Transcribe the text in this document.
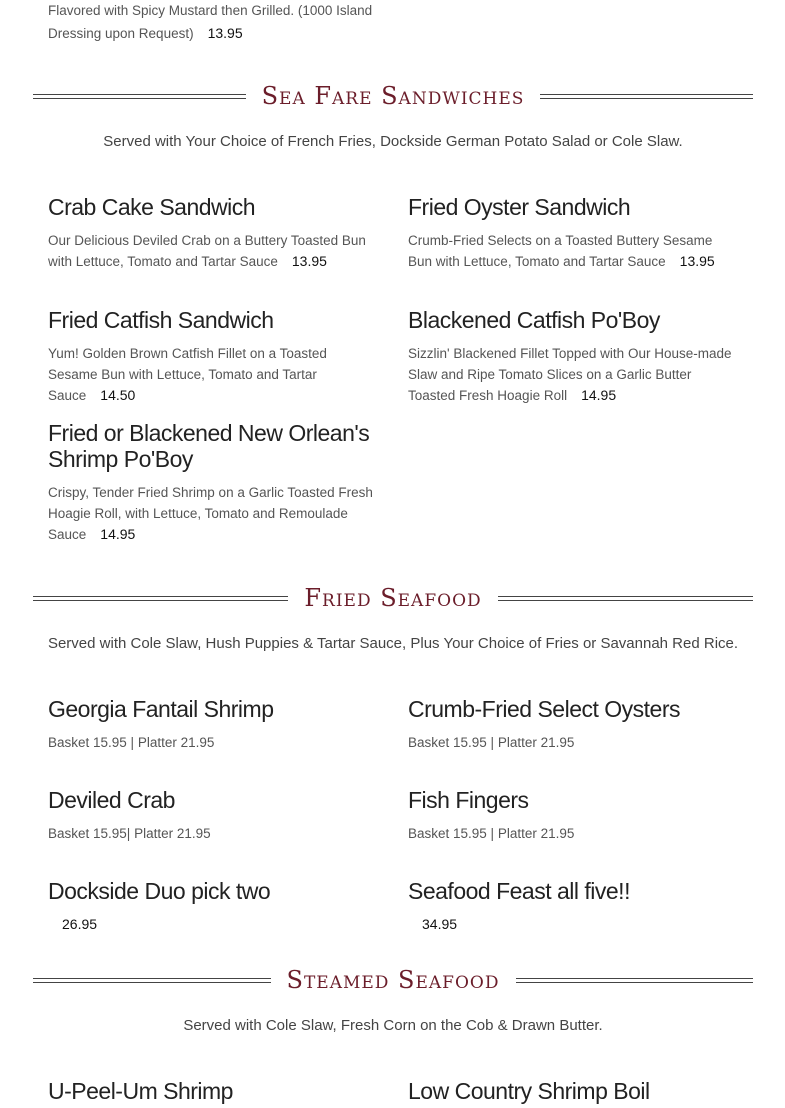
Flavored with Spicy Mustard then Grilled. (1000 Island Dressing upon Request) 13.95
Sea Fare Sandwiches
Served with Your Choice of French Fries, Dockside German Potato Salad or Cole Slaw.
Crab Cake Sandwich
Our Delicious Deviled Crab on a Buttery Toasted Bun with Lettuce, Tomato and Tartar Sauce 13.95
Fried Oyster Sandwich
Crumb-Fried Selects on a Toasted Buttery Sesame Bun with Lettuce, Tomato and Tartar Sauce 13.95
Fried Catfish Sandwich
Yum! Golden Brown Catfish Fillet on a Toasted Sesame Bun with Lettuce, Tomato and Tartar Sauce 14.50
Blackened Catfish Po'Boy
Sizzlin' Blackened Fillet Topped with Our House-made Slaw and Ripe Tomato Slices on a Garlic Butter Toasted Fresh Hoagie Roll 14.95
Fried or Blackened New Orlean's Shrimp Po'Boy
Crispy, Tender Fried Shrimp on a Garlic Toasted Fresh Hoagie Roll, with Lettuce, Tomato and Remoulade Sauce 14.95
Fried Seafood
Served with Cole Slaw, Hush Puppies & Tartar Sauce, Plus Your Choice of Fries or Savannah Red Rice.
Georgia Fantail Shrimp
Basket 15.95 | Platter 21.95
Crumb-Fried Select Oysters
Basket 15.95 | Platter 21.95
Deviled Crab
Basket 15.95| Platter 21.95
Fish Fingers
Basket 15.95 | Platter 21.95
Dockside Duo pick two
26.95
Seafood Feast all five!!
34.95
Steamed Seafood
Served with Cole Slaw, Fresh Corn on the Cob & Drawn Butter.
U-Peel-Um Shrimp	Low Country Shrimp Boil
